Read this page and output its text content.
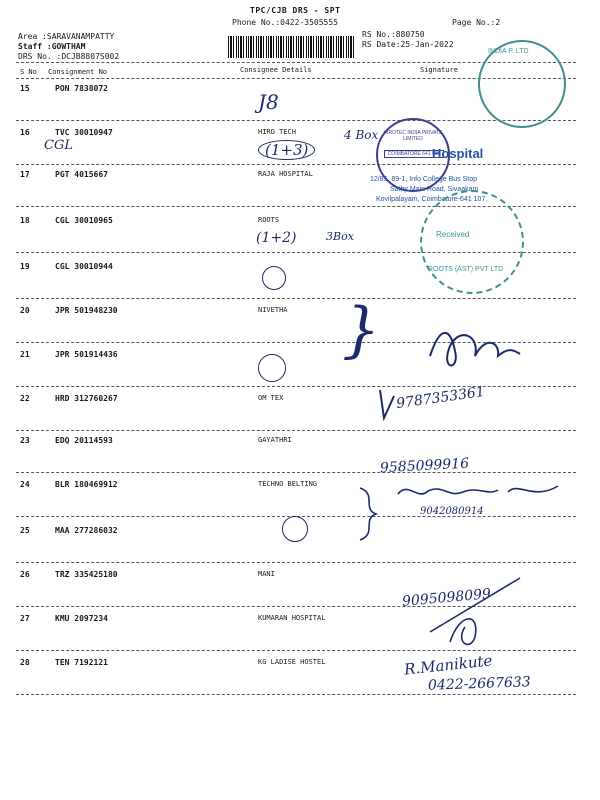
TPC/CJB DRS - SPT
Phone No.:0422-3505555	Page No.:2
Area :SARAVANAMPATTY
Staff :GOWTHAM
DRS No. :DCJB8807S002
RS No.:880750
RS Date:25-Jan-2022
S No Consignment No	Consignee Details	Signature
15	PON 7838072
16	TVC 30010947	HIRO TECH
17	PGT 4015667	RAJA HOSPITAL
18	CGL 30010965	ROOTS
19	CGL 30010944
20	JPR 501948230	NIVETHA
21	JPR 501914436
22	HRD 312760267	OM TEX
23	EDQ 20114593	GAYATHRI
24	BLR 180469912	TECHNO BELTING
25	MAA 277286032
26	TRZ 335425180	MANI
27	KMU 2097234	KUMARAN HOSPITAL
28	TEN 7192121	KG LADISE HOSTEL
INDIA P. LTD
HIROTEC INDIA PRIVATE LIMITED
COIMBATORE 641 035
Hospital
12/85, 89-1, Info College Bus Stop
Sathy Main Road, Sivaakam
Kovilpalayam, Coimbatore-641 107.
Received
ROOTS (AST) PVT LTD
J8
CGL	(1+3)
4 Box
(1+2)	3Box
}
9787353361
9585099916
9042080914
9095098099
R.Manikute
0422-2667633
